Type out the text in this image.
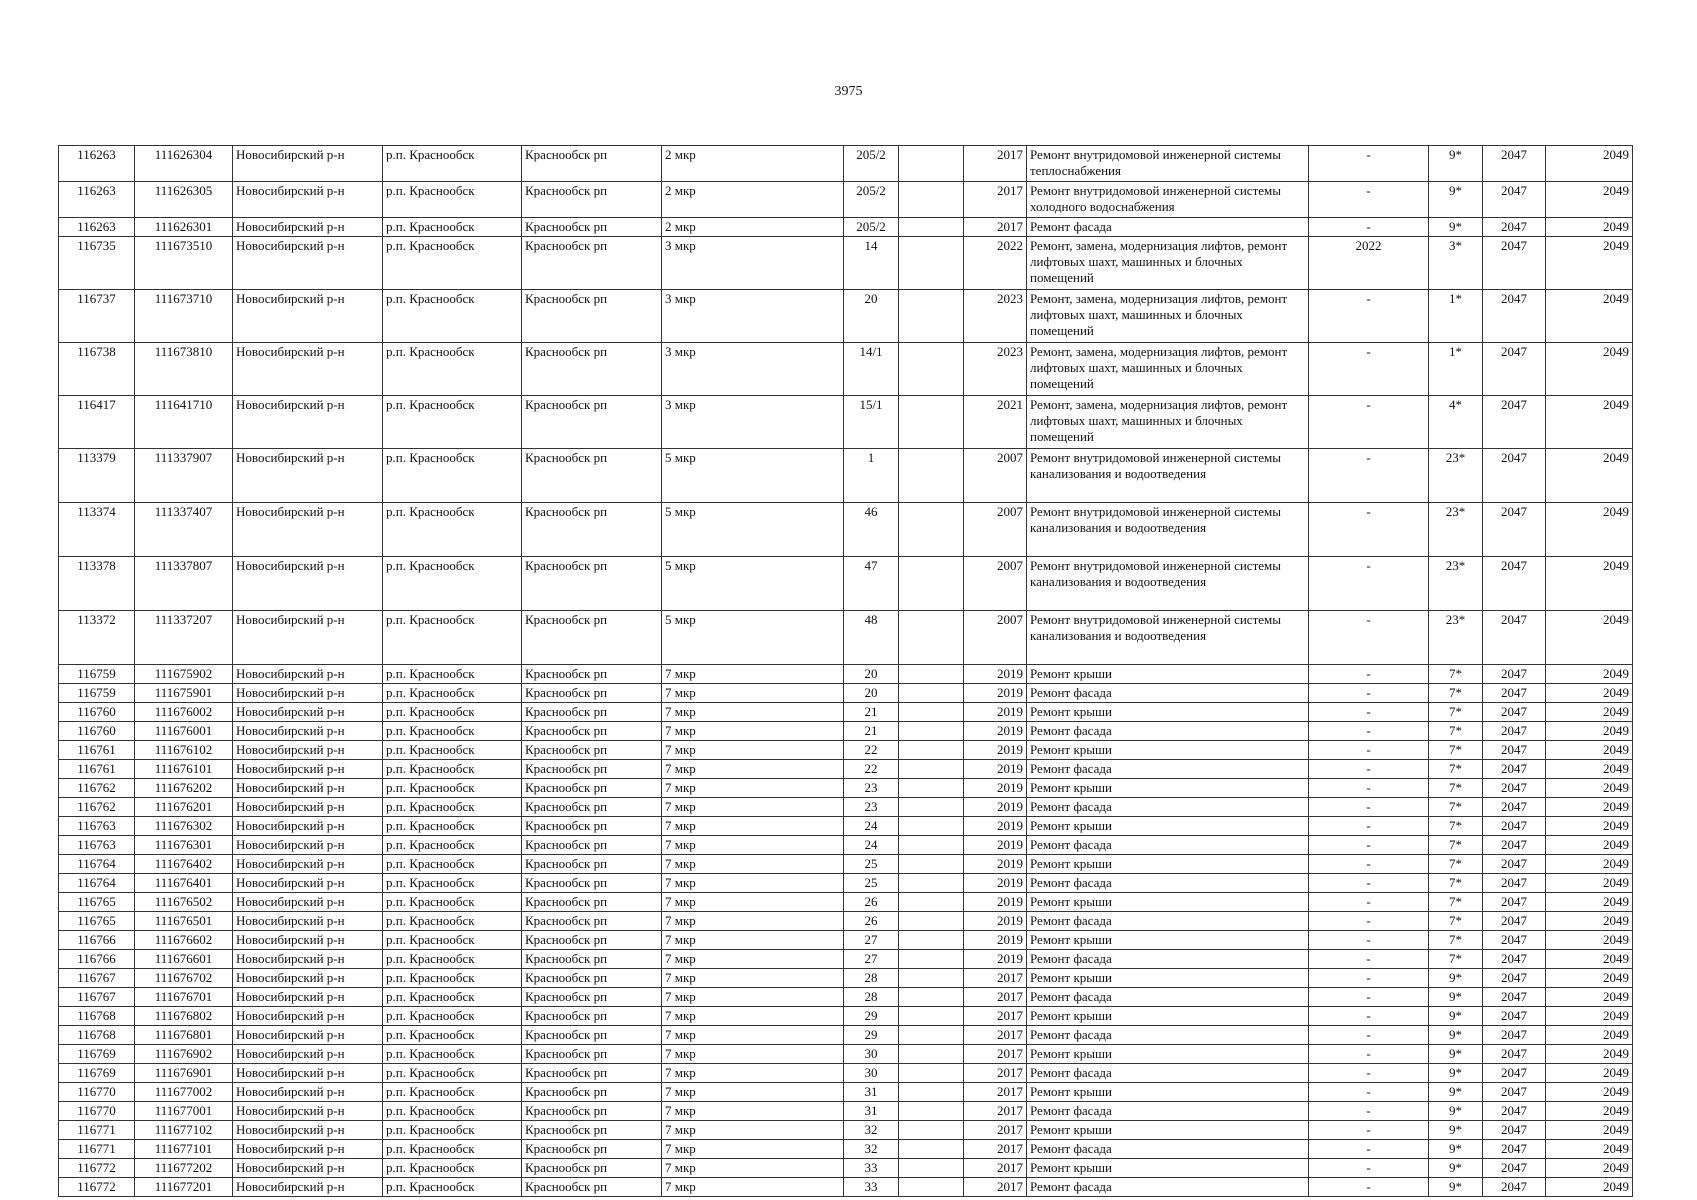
3975
116263	111626304	Новосибирский р-н	р.п. Краснообск	Краснообск рп	2 мкр	205/2		2017	Ремонт внутридомовой инженерной системы теплоснабжения	-	9*	2047	2049
116263	111626305	Новосибирский р-н	р.п. Краснообск	Краснообск рп	2 мкр	205/2		2017	Ремонт внутридомовой инженерной системы холодного водоснабжения	-	9*	2047	2049
116263	111626301	Новосибирский р-н	р.п. Краснообск	Краснообск рп	2 мкр	205/2		2017	Ремонт фасада	-	9*	2047	2049
116735	111673510	Новосибирский р-н	р.п. Краснообск	Краснообск рп	3 мкр	14		2022	Ремонт, замена, модернизация лифтов, ремонт лифтовых шахт, машинных и блочных помещений	2022	3*	2047	2049
116737	111673710	Новосибирский р-н	р.п. Краснообск	Краснообск рп	3 мкр	20		2023	Ремонт, замена, модернизация лифтов, ремонт лифтовых шахт, машинных и блочных помещений	-	1*	2047	2049
116738	111673810	Новосибирский р-н	р.п. Краснообск	Краснообск рп	3 мкр	14/1		2023	Ремонт, замена, модернизация лифтов, ремонт лифтовых шахт, машинных и блочных помещений	-	1*	2047	2049
116417	111641710	Новосибирский р-н	р.п. Краснообск	Краснообск рп	3 мкр	15/1		2021	Ремонт, замена, модернизация лифтов, ремонт лифтовых шахт, машинных и блочных помещений	-	4*	2047	2049
113379	111337907	Новосибирский р-н	р.п. Краснообск	Краснообск рп	5 мкр	1		2007	Ремонт внутридомовой инженерной системы канализования и водоотведения	-	23*	2047	2049
113374	111337407	Новосибирский р-н	р.п. Краснообск	Краснообск рп	5 мкр	46		2007	Ремонт внутридомовой инженерной системы канализования и водоотведения	-	23*	2047	2049
113378	111337807	Новосибирский р-н	р.п. Краснообск	Краснообск рп	5 мкр	47		2007	Ремонт внутридомовой инженерной системы канализования и водоотведения	-	23*	2047	2049
113372	111337207	Новосибирский р-н	р.п. Краснообск	Краснообск рп	5 мкр	48		2007	Ремонт внутридомовой инженерной системы канализования и водоотведения	-	23*	2047	2049
116759	111675902	Новосибирский р-н	р.п. Краснообск	Краснообск рп	7 мкр	20		2019	Ремонт крыши	-	7*	2047	2049
116759	111675901	Новосибирский р-н	р.п. Краснообск	Краснообск рп	7 мкр	20		2019	Ремонт фасада	-	7*	2047	2049
116760	111676002	Новосибирский р-н	р.п. Краснообск	Краснообск рп	7 мкр	21		2019	Ремонт крыши	-	7*	2047	2049
116760	111676001	Новосибирский р-н	р.п. Краснообск	Краснообск рп	7 мкр	21		2019	Ремонт фасада	-	7*	2047	2049
116761	111676102	Новосибирский р-н	р.п. Краснообск	Краснообск рп	7 мкр	22		2019	Ремонт крыши	-	7*	2047	2049
116761	111676101	Новосибирский р-н	р.п. Краснообск	Краснообск рп	7 мкр	22		2019	Ремонт фасада	-	7*	2047	2049
116762	111676202	Новосибирский р-н	р.п. Краснообск	Краснообск рп	7 мкр	23		2019	Ремонт крыши	-	7*	2047	2049
116762	111676201	Новосибирский р-н	р.п. Краснообск	Краснообск рп	7 мкр	23		2019	Ремонт фасада	-	7*	2047	2049
116763	111676302	Новосибирский р-н	р.п. Краснообск	Краснообск рп	7 мкр	24		2019	Ремонт крыши	-	7*	2047	2049
116763	111676301	Новосибирский р-н	р.п. Краснообск	Краснообск рп	7 мкр	24		2019	Ремонт фасада	-	7*	2047	2049
116764	111676402	Новосибирский р-н	р.п. Краснообск	Краснообск рп	7 мкр	25		2019	Ремонт крыши	-	7*	2047	2049
116764	111676401	Новосибирский р-н	р.п. Краснообск	Краснообск рп	7 мкр	25		2019	Ремонт фасада	-	7*	2047	2049
116765	111676502	Новосибирский р-н	р.п. Краснообск	Краснообск рп	7 мкр	26		2019	Ремонт крыши	-	7*	2047	2049
116765	111676501	Новосибирский р-н	р.п. Краснообск	Краснообск рп	7 мкр	26		2019	Ремонт фасада	-	7*	2047	2049
116766	111676602	Новосибирский р-н	р.п. Краснообск	Краснообск рп	7 мкр	27		2019	Ремонт крыши	-	7*	2047	2049
116766	111676601	Новосибирский р-н	р.п. Краснообск	Краснообск рп	7 мкр	27		2019	Ремонт фасада	-	7*	2047	2049
116767	111676702	Новосибирский р-н	р.п. Краснообск	Краснообск рп	7 мкр	28		2017	Ремонт крыши	-	9*	2047	2049
116767	111676701	Новосибирский р-н	р.п. Краснообск	Краснообск рп	7 мкр	28		2017	Ремонт фасада	-	9*	2047	2049
116768	111676802	Новосибирский р-н	р.п. Краснообск	Краснообск рп	7 мкр	29		2017	Ремонт крыши	-	9*	2047	2049
116768	111676801	Новосибирский р-н	р.п. Краснообск	Краснообск рп	7 мкр	29		2017	Ремонт фасада	-	9*	2047	2049
116769	111676902	Новосибирский р-н	р.п. Краснообск	Краснообск рп	7 мкр	30		2017	Ремонт крыши	-	9*	2047	2049
116769	111676901	Новосибирский р-н	р.п. Краснообск	Краснообск рп	7 мкр	30		2017	Ремонт фасада	-	9*	2047	2049
116770	111677002	Новосибирский р-н	р.п. Краснообск	Краснообск рп	7 мкр	31		2017	Ремонт крыши	-	9*	2047	2049
116770	111677001	Новосибирский р-н	р.п. Краснообск	Краснообск рп	7 мкр	31		2017	Ремонт фасада	-	9*	2047	2049
116771	111677102	Новосибирский р-н	р.п. Краснообск	Краснообск рп	7 мкр	32		2017	Ремонт крыши	-	9*	2047	2049
116771	111677101	Новосибирский р-н	р.п. Краснообск	Краснообск рп	7 мкр	32		2017	Ремонт фасада	-	9*	2047	2049
116772	111677202	Новосибирский р-н	р.п. Краснообск	Краснообск рп	7 мкр	33		2017	Ремонт крыши	-	9*	2047	2049
116772	111677201	Новосибирский р-н	р.п. Краснообск	Краснообск рп	7 мкр	33		2017	Ремонт фасада	-	9*	2047	2049
